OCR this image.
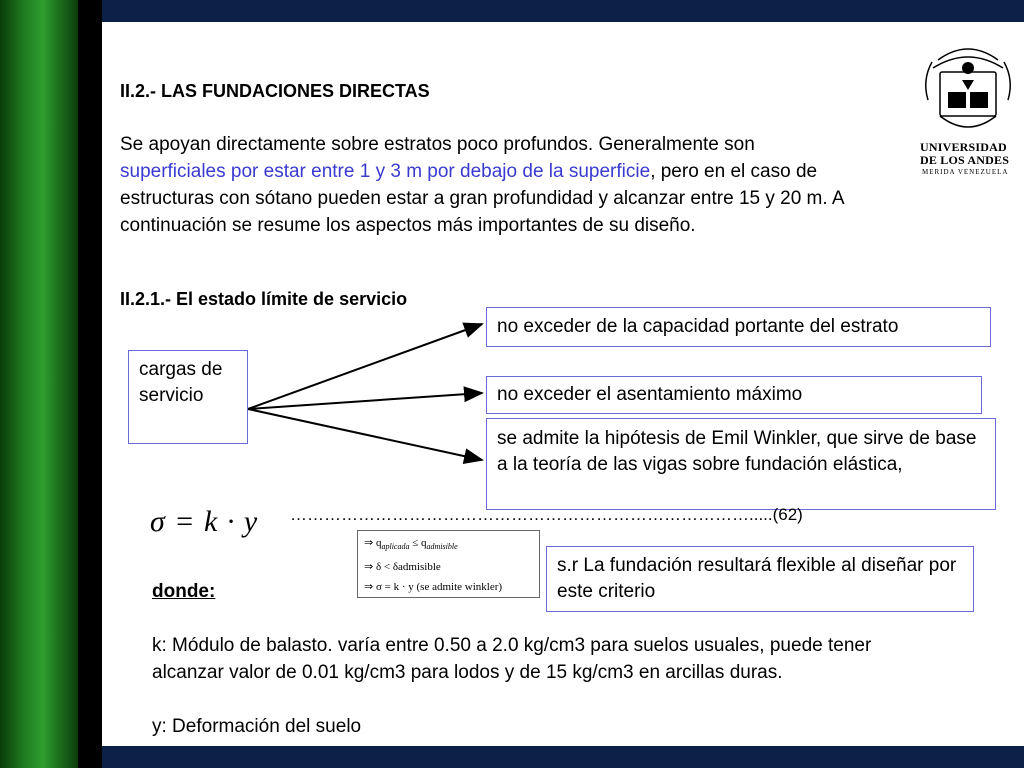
UNIVERSIDAD
DE LOS ANDES
MERIDA VENEZUELA
II.2.- LAS FUNDACIONES DIRECTAS
Se apoyan directamente sobre estratos poco profundos. Generalmente son superficiales por estar entre 1 y 3 m por debajo de la superficie, pero en el caso de estructuras con sótano pueden estar a gran profundidad y alcanzar entre 15 y 20 m. A continuación se resume los aspectos más importantes de su diseño.
II.2.1.- El estado límite de servicio
cargas de servicio
no exceder de la capacidad portante del estrato
no exceder el asentamiento máximo
se admite la hipótesis de Emil Winkler, que sirve de base a la teoría de las vigas sobre fundación elástica,
σ = k · y ……………………………………………………………………….....(62)
⇒ $q_{aplicada} \le q_{admisible}$
⇒ δ < δadmisible
⇒ σ = k · y (se admite winkler)
s.r La fundación resultará flexible al diseñar por este criterio
donde:
k: Módulo de balasto. varía entre 0.50 a 2.0 kg/cm3 para suelos usuales, puede tener alcanzar valor de 0.01 kg/cm3 para lodos y de 15 kg/cm3 en arcillas duras.
y: Deformación del suelo
